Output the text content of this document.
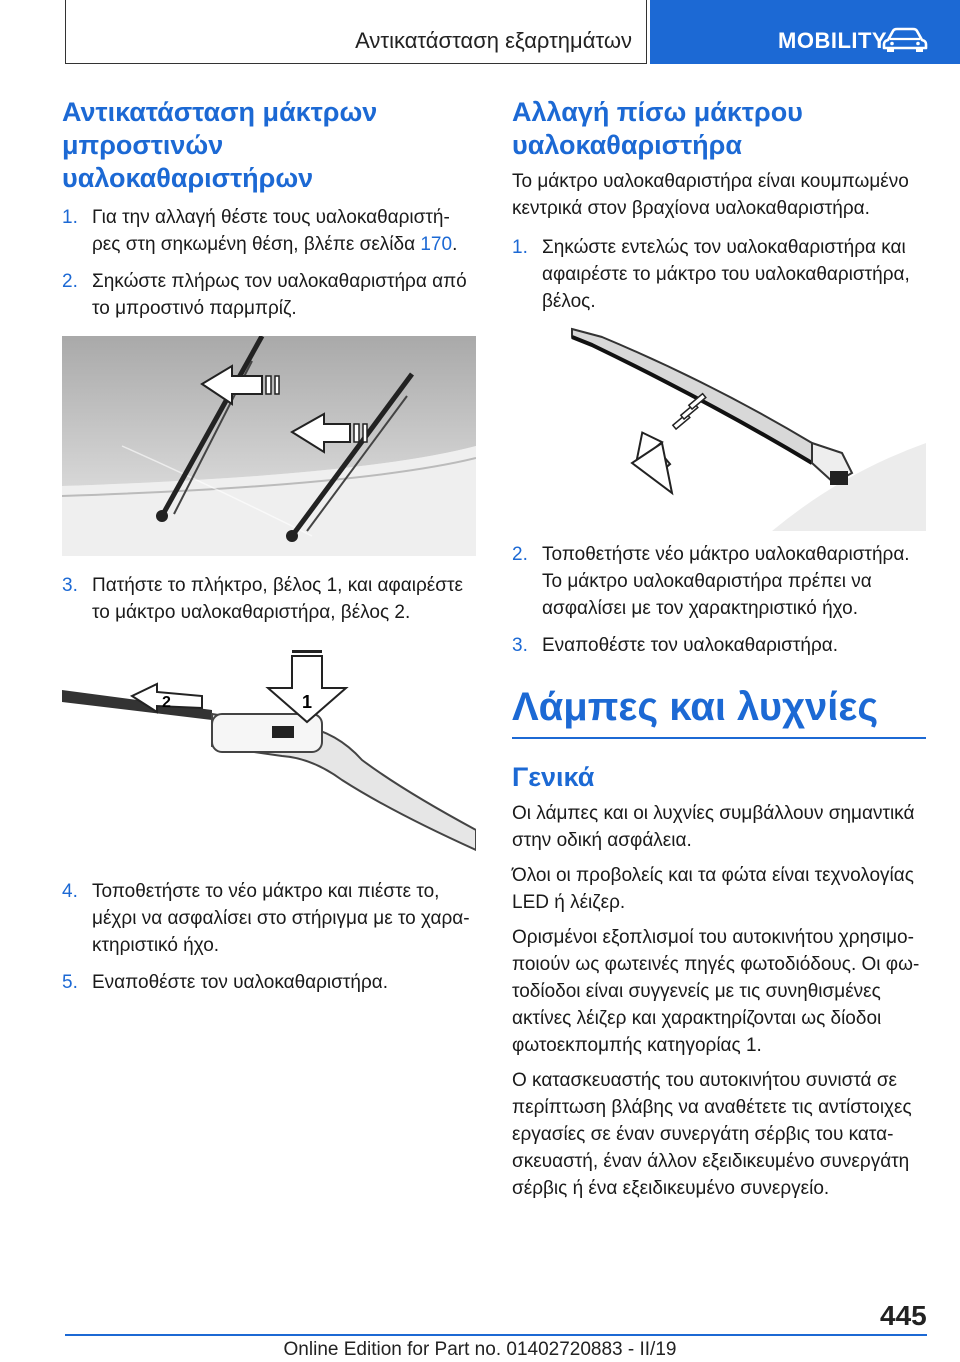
Αντικατάσταση εξαρτημάτων	MOBILITY
Αντικατάσταση μάκτρων
μπροστινών υαλοκαθαριστήρων
1. Για την αλλαγή θέστε τους υαλοκαθαριστή-
ρες στη σηκωμένη θέση, βλέπε σελίδα 170.
2. Σηκώστε πλήρως τον υαλοκαθαριστήρα από
το μπροστινό παρμπρίζ.
3. Πατήστε το πλήκτρο, βέλος 1, και αφαιρέστε
το μάκτρο υαλοκαθαριστήρα, βέλος 2.
2	1
4. Τοποθετήστε το νέο μάκτρο και πιέστε το,
μέχρι να ασφαλίσει στο στήριγμα με το χαρα-
κτηριστικό ήχο.
5. Εναποθέστε τον υαλοκαθαριστήρα.
Αλλαγή πίσω μάκτρου
υαλοκαθαριστήρα

Το μάκτρο υαλοκαθαριστήρα είναι κουμπωμένο
κεντρικά στον βραχίονα υαλοκαθαριστήρα.

1. Σηκώστε εντελώς τον υαλοκαθαριστήρα και
αφαιρέστε το μάκτρο του υαλοκαθαριστήρα,
βέλος.
2. Τοποθετήστε νέο μάκτρο υαλοκαθαριστήρα.
Το μάκτρο υαλοκαθαριστήρα πρέπει να
ασφαλίσει με τον χαρακτηριστικό ήχο.
3. Εναποθέστε τον υαλοκαθαριστήρα.
Λάμπες και λυχνίες
Γενικά

Οι λάμπες και οι λυχνίες συμβάλλουν σημαντικά
στην οδική ασφάλεια.

Όλοι οι προβολείς και τα φώτα είναι τεχνολογίας
LED ή λέιζερ.

Ορισμένοι εξοπλισμοί του αυτοκινήτου χρησιμο-
ποιούν ως φωτεινές πηγές φωτοδιόδους. Οι φω-
τοδίοδοι είναι συγγενείς με τις συνηθισμένες
ακτίνες λέιζερ και χαρακτηρίζονται ως δίοδοι
φωτοεκπομπής κατηγορίας 1.

Ο κατασκευαστής του αυτοκινήτου συνιστά σε
περίπτωση βλάβης να αναθέτετε τις αντίστοιχες
εργασίες σε έναν συνεργάτη σέρβις του κατα-
σκευαστή, έναν άλλον εξειδικευμένο συνεργάτη
σέρβις ή ένα εξειδικευμένο συνεργείο.

445
Online Edition for Part no. 01402720883 - II/19
